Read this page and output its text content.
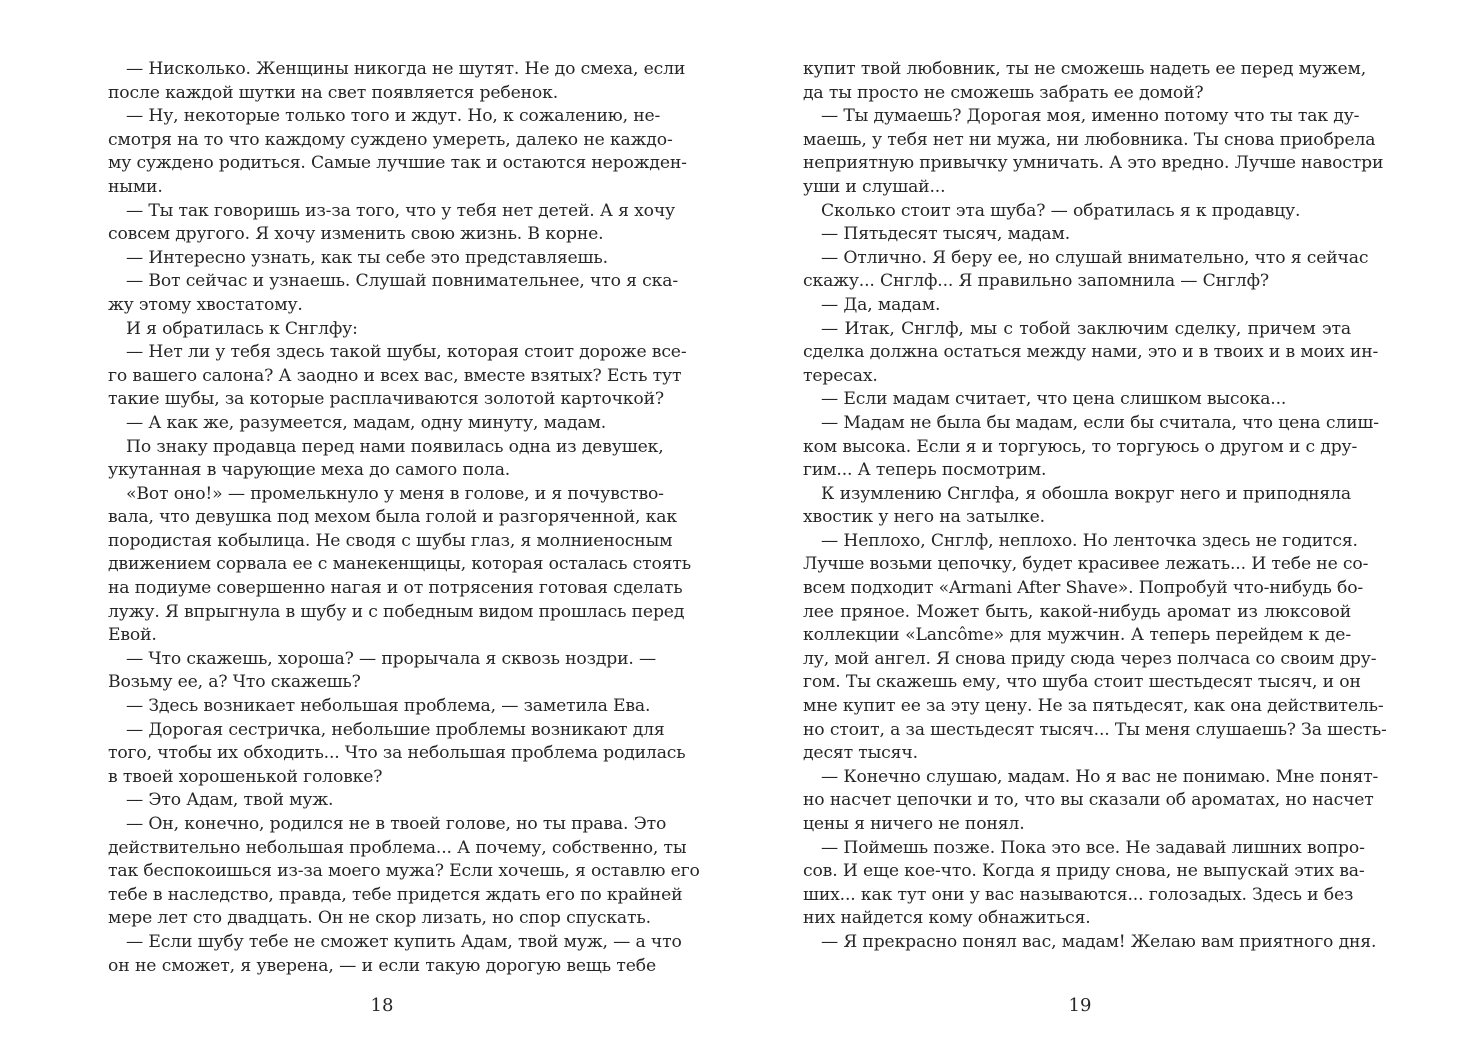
— Нисколько. Женщины никогда не шутят. Не до смеха, если
после каждой шутки на свет появляется ребенок.
— Ну, некоторые только того и ждут. Но, к сожалению, не-
смотря на то что каждому суждено умереть, далеко не каждо-
му суждено родиться. Самые лучшие так и остаются нерожден-
ными.
— Ты так говоришь из-за того, что у тебя нет детей. А я хочу
совсем другого. Я хочу изменить свою жизнь. В корне.
— Интересно узнать, как ты себе это представляешь.
— Вот сейчас и узнаешь. Слушай повнимательнее, что я ска-
жу этому хвостатому.
И я обратилась к Снглфу:
— Нет ли у тебя здесь такой шубы, которая стоит дороже все-
го вашего салона? А заодно и всех вас, вместе взятых? Есть тут
такие шубы, за которые расплачиваются золотой карточкой?
— А как же, разумеется, мадам, одну минуту, мадам.
По знаку продавца перед нами появилась одна из девушек,
укутанная в чарующие меха до самого пола.
«Вот оно!» — промелькнуло у меня в голове, и я почувство-
вала, что девушка под мехом была голой и разгоряченной, как
породистая кобылица. Не сводя с шубы глаз, я молниеносным
движением сорвала ее с манекенщицы, которая осталась стоять
на подиуме совершенно нагая и от потрясения готовая сделать
лужу. Я впрыгнула в шубу и с победным видом прошлась перед
Евой.
— Что скажешь, хороша? — прорычала я сквозь ноздри. —
Возьму ее, а? Что скажешь?
— Здесь возникает небольшая проблема, — заметила Ева.
— Дорогая сестричка, небольшие проблемы возникают для
того, чтобы их обходить... Что за небольшая проблема родилась
в твоей хорошенькой головке?
— Это Адам, твой муж.
— Он, конечно, родился не в твоей голове, но ты права. Это
действительно небольшая проблема... А почему, собственно, ты
так беспокоишься из-за моего мужа? Если хочешь, я оставлю его
тебе в наследство, правда, тебе придется ждать его по крайней
мере лет сто двадцать. Он не скор лизать, но спор спускать.
— Если шубу тебе не сможет купить Адам, твой муж, — а что
он не сможет, я уверена, — и если такую дорогую вещь тебе
купит твой любовник, ты не сможешь надеть ее перед мужем,
да ты просто не сможешь забрать ее домой?
— Ты думаешь? Дорогая моя, именно потому что ты так ду-
маешь, у тебя нет ни мужа, ни любовника. Ты снова приобрела
неприятную привычку умничать. А это вредно. Лучше навостри
уши и слушай...
Сколько стоит эта шуба? — обратилась я к продавцу.
— Пятьдесят тысяч, мадам.
— Отлично. Я беру ее, но слушай внимательно, что я сейчас
скажу... Снглф... Я правильно запомнила — Снглф?
— Да, мадам.
— Итак, Снглф, мы с тобой заключим сделку, причем эта
сделка должна остаться между нами, это и в твоих и в моих ин-
тересах.
— Если мадам считает, что цена слишком высока...
— Мадам не была бы мадам, если бы считала, что цена слиш-
ком высока. Если я и торгуюсь, то торгуюсь о другом и с дру-
гим... А теперь посмотрим.
К изумлению Снглфа, я обошла вокруг него и приподняла
хвостик у него на затылке.
— Неплохо, Снглф, неплохо. Но ленточка здесь не годится.
Лучше возьми цепочку, будет красивее лежать... И тебе не со-
всем подходит «Armani After Shave». Попробуй что-нибудь бо-
лее пряное. Может быть, какой-нибудь аромат из люксовой
коллекции «Lancôme» для мужчин. А теперь перейдем к де-
лу, мой ангел. Я снова приду сюда через полчаса со своим дру-
гом. Ты скажешь ему, что шуба стоит шестьдесят тысяч, и он
мне купит ее за эту цену. Не за пятьдесят, как она действитель-
но стоит, а за шестьдесят тысяч... Ты меня слушаешь? За шесть-
десят тысяч.
— Конечно слушаю, мадам. Но я вас не понимаю. Мне понят-
но насчет цепочки и то, что вы сказали об ароматах, но насчет
цены я ничего не понял.
— Поймешь позже. Пока это все. Не задавай лишних вопро-
сов. И еще кое-что. Когда я приду снова, не выпускай этих ва-
ших... как тут они у вас называются... голозадых. Здесь и без
них найдется кому обнажиться.
— Я прекрасно понял вас, мадам! Желаю вам приятного дня.
18	19
